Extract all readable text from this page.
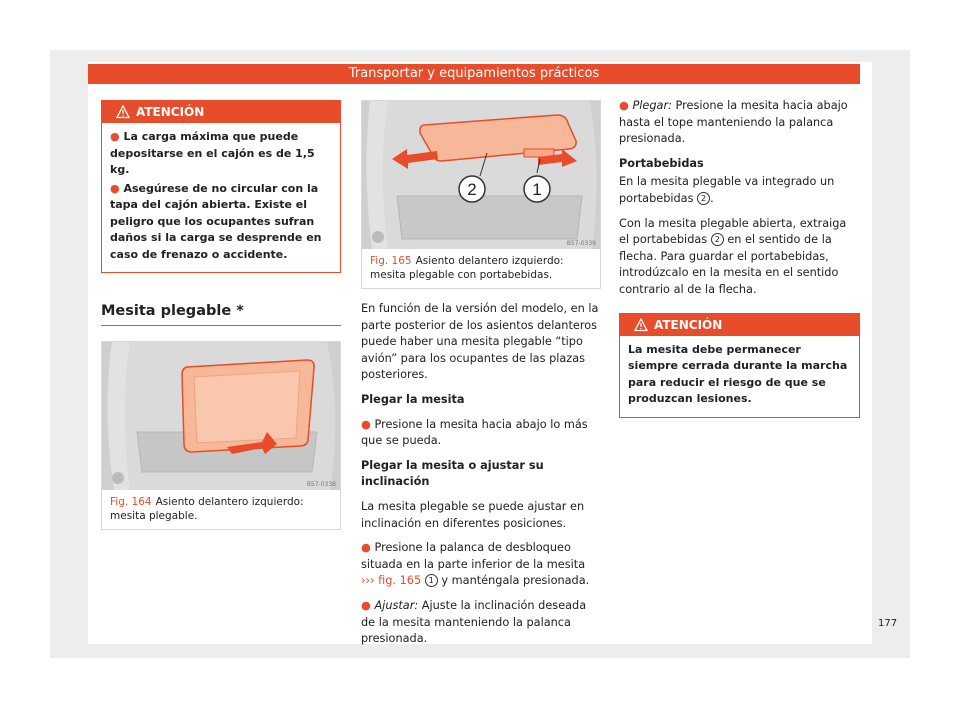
Transportar y equipamientos prácticos
ATENCIÓN

● La carga máxima que puede depositarse en el cajón es de 1,5 kg.

● Asegúrese de no circular con la tapa del cajón abierta. Existe el peligro que los ocupantes sufran daños si la carga se desprende en caso de frenazo o accidente.

Mesita plegable *
B57-0338
Fig. 164 Asiento delantero izquierdo: mesita plegable.
2	1
B57-0339
Fig. 165 Asiento delantero izquierdo: mesita plegable con portabebidas.

En función de la versión del modelo, en la parte posterior de los asientos delanteros puede haber una mesita plegable “tipo avión” para los ocupantes de las plazas posteriores.

Plegar la mesita

● Presione la mesita hacia abajo lo más que se pueda.

Plegar la mesita o ajustar su inclinación

La mesita plegable se puede ajustar en inclinación en diferentes posiciones.

● Presione la palanca de desbloqueo situada en la parte inferior de la mesita ››› fig. 165 1 y manténgala presionada.

● Ajustar: Ajuste la inclinación deseada de la mesita manteniendo la palanca presionada.

● Plegar: Presione la mesita hacia abajo hasta el tope manteniendo la palanca presionada.

Portabebidas

En la mesita plegable va integrado un portabebidas 2 .

Con la mesita plegable abierta, extraiga el portabebidas 2 en el sentido de la flecha. Para guardar el portabebidas, introdúzcalo en la mesita en el sentido contrario al de la flecha.

ATENCIÓN

La mesita debe permanecer siempre cerrada durante la marcha para reducir el riesgo de que se produzcan lesiones.

177
